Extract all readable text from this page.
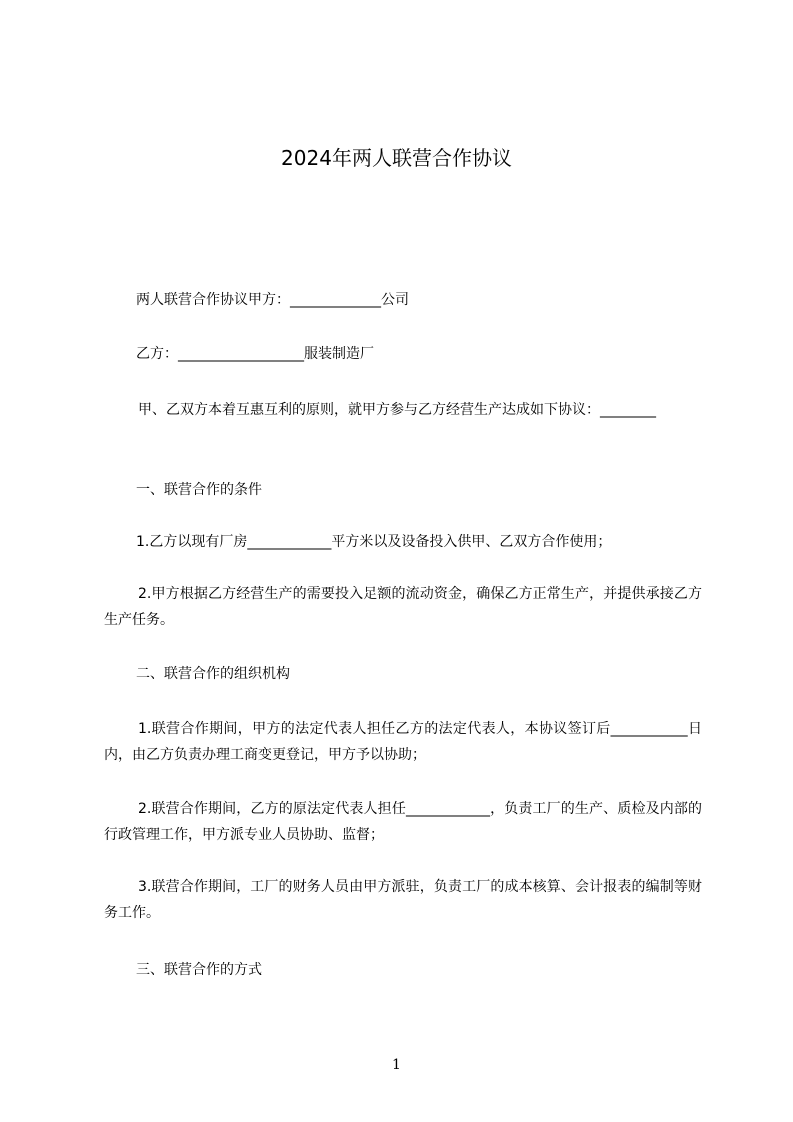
2024年两人联营合作协议

两人联营合作协议甲方：_____________公司

乙方：__________________服装制造厂

甲、乙双方本着互惠互利的原则，就甲方参与乙方经营生产达成如下协议：________

一、联营合作的条件

1.乙方以现有厂房____________平方米以及设备投入供甲、乙双方合作使用；

2.甲方根据乙方经营生产的需要投入足额的流动资金，确保乙方正常生产，并提供承接乙方生产任务。

二、联营合作的组织机构

1.联营合作期间，甲方的法定代表人担任乙方的法定代表人，本协议签订后___________日内，由乙方负责办理工商变更登记，甲方予以协助；

2.联营合作期间，乙方的原法定代表人担任____________，负责工厂的生产、质检及内部的行政管理工作，甲方派专业人员协助、监督；

3.联营合作期间，工厂的财务人员由甲方派驻，负责工厂的成本核算、会计报表的编制等财务工作。

三、联营合作的方式

1
